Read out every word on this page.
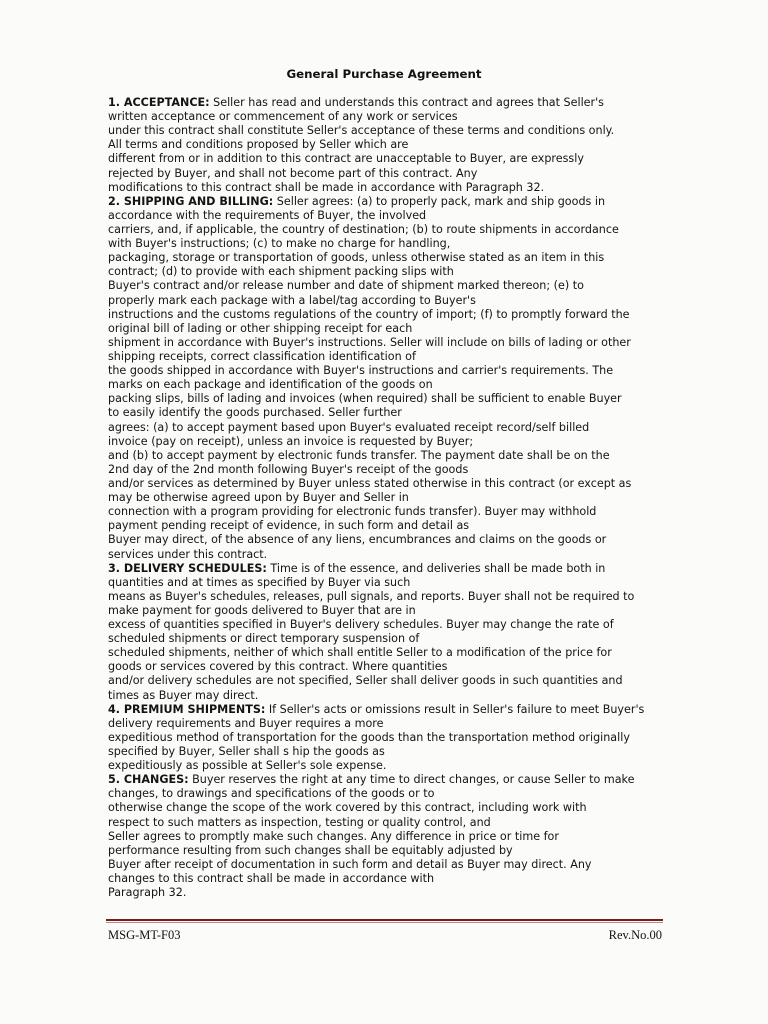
General Purchase Agreement
1. ACCEPTANCE: Seller has read and understands this contract and agrees that Seller's
written acceptance or commencement of any work or services
under this contract shall constitute Seller's acceptance of these terms and conditions only.
All terms and conditions proposed by Seller which are
different from or in addition to this contract are unacceptable to Buyer, are expressly
rejected by Buyer, and shall not become part of this contract. Any
modifications to this contract shall be made in accordance with Paragraph 32.
2. SHIPPING AND BILLING: Seller agrees: (a) to properly pack, mark and ship goods in
accordance with the requirements of Buyer, the involved
carriers, and, if applicable, the country of destination; (b) to route shipments in accordance
with Buyer's instructions; (c) to make no charge for handling,
packaging, storage or transportation of goods, unless otherwise stated as an item in this
contract; (d) to provide with each shipment packing slips with
Buyer's contract and/or release number and date of shipment marked thereon; (e) to
properly mark each package with a label/tag according to Buyer's
instructions and the customs regulations of the country of import; (f) to promptly forward the
original bill of lading or other shipping receipt for each
shipment in accordance with Buyer's instructions. Seller will include on bills of lading or other
shipping receipts, correct classification identification of
the goods shipped in accordance with Buyer's instructions and carrier's requirements. The
marks on each package and identification of the goods on
packing slips, bills of lading and invoices (when required) shall be sufficient to enable Buyer
to easily identify the goods purchased. Seller further
agrees: (a) to accept payment based upon Buyer's evaluated receipt record/self billed
invoice (pay on receipt), unless an invoice is requested by Buyer;
and (b) to accept payment by electronic funds transfer. The payment date shall be on the
2nd day of the 2nd month following Buyer's receipt of the goods
and/or services as determined by Buyer unless stated otherwise in this contract (or except as
may be otherwise agreed upon by Buyer and Seller in
connection with a program providing for electronic funds transfer). Buyer may withhold
payment pending receipt of evidence, in such form and detail as
Buyer may direct, of the absence of any liens, encumbrances and claims on the goods or
services under this contract.
3. DELIVERY SCHEDULES: Time is of the essence, and deliveries shall be made both in
quantities and at times as specified by Buyer via such
means as Buyer's schedules, releases, pull signals, and reports. Buyer shall not be required to
make payment for goods delivered to Buyer that are in
excess of quantities specified in Buyer's delivery schedules. Buyer may change the rate of
scheduled shipments or direct temporary suspension of
scheduled shipments, neither of which shall entitle Seller to a modification of the price for
goods or services covered by this contract. Where quantities
and/or delivery schedules are not specified, Seller shall deliver goods in such quantities and
times as Buyer may direct.
4. PREMIUM SHIPMENTS: If Seller's acts or omissions result in Seller's failure to meet Buyer's
delivery requirements and Buyer requires a more
expeditious method of transportation for the goods than the transportation method originally
specified by Buyer, Seller shall s hip the goods as
expeditiously as possible at Seller's sole expense.
5. CHANGES: Buyer reserves the right at any time to direct changes, or cause Seller to make
changes, to drawings and specifications of the goods or to
otherwise change the scope of the work covered by this contract, including work with
respect to such matters as inspection, testing or quality control, and
Seller agrees to promptly make such changes. Any difference in price or time for
performance resulting from such changes shall be equitably adjusted by
Buyer after receipt of documentation in such form and detail as Buyer may direct. Any
changes to this contract shall be made in accordance with
Paragraph 32.
MSG-MT-F03	Rev.No.00
